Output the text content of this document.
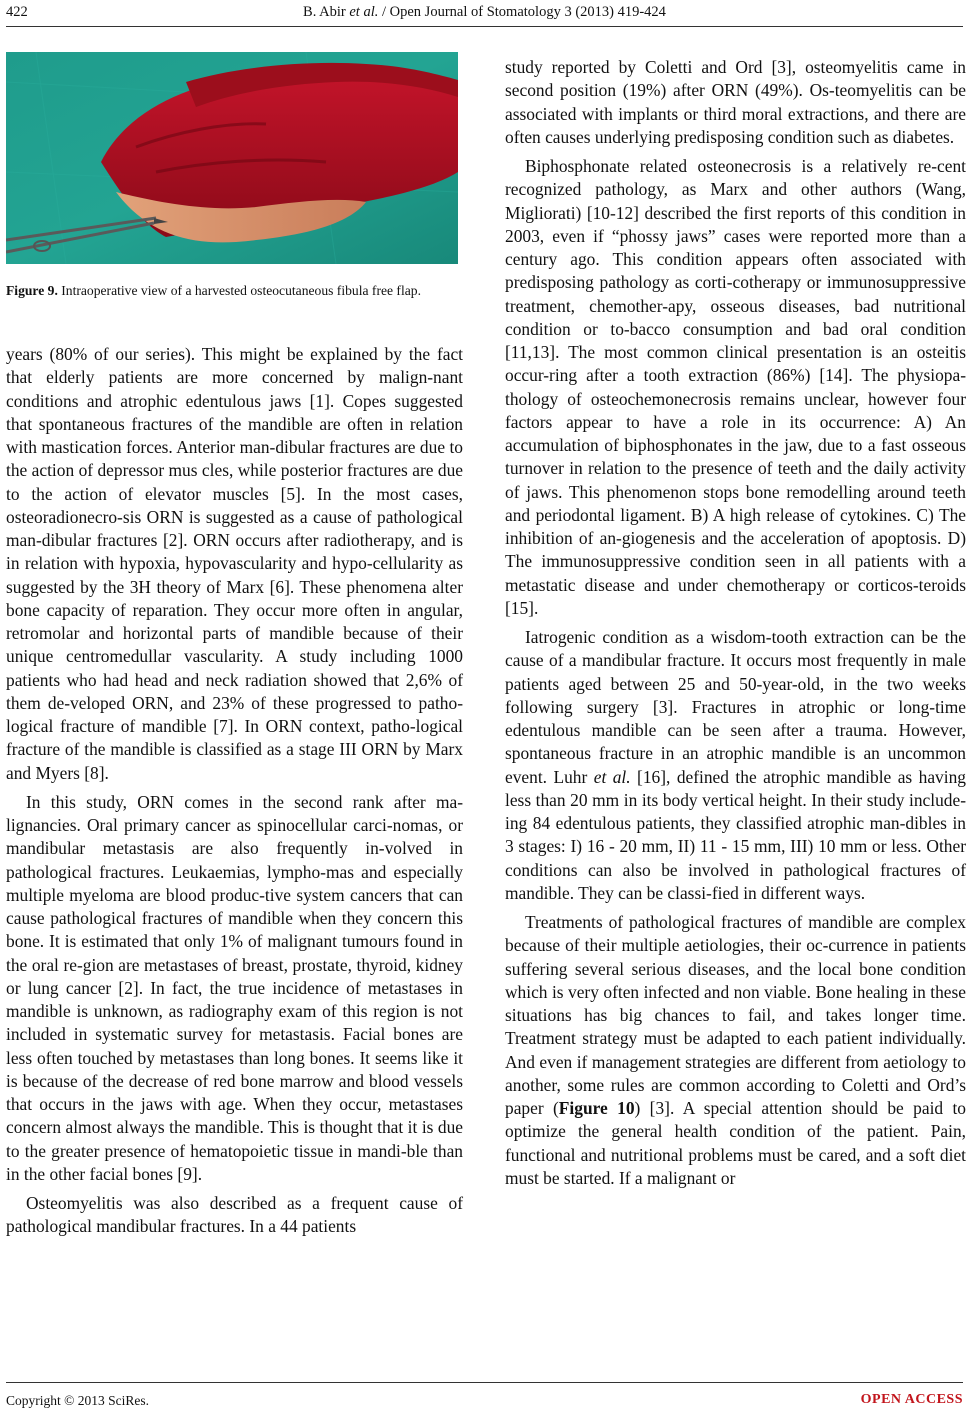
422	B. Abir et al. / Open Journal of Stomatology 3 (2013) 419-424
Figure 9. Intraoperative view of a harvested osteocutaneous fibula free flap.

years (80% of our series). This might be explained by the fact that elderly patients are more concerned by malign-nant conditions and atrophic edentulous jaws [1]. Copes suggested that spontaneous fractures of the mandible are often in relation with mastication forces. Anterior man-dibular fractures are due to the action of depressor mus cles, while posterior fractures are due to the action of elevator muscles [5]. In the most cases, osteoradionecro-sis ORN is suggested as a cause of pathological man-dibular fractures [2]. ORN occurs after radiotherapy, and is in relation with hypoxia, hypovascularity and hypo-cellularity as suggested by the 3H theory of Marx [6]. These phenomena alter bone capacity of reparation. They occur more often in angular, retromolar and horizontal parts of mandible because of their unique centromedullar vascularity. A study including 1000 patients who had head and neck radiation showed that 2,6% of them de-veloped ORN, and 23% of these progressed to patho-logical fracture of mandible [7]. In ORN context, patho-logical fracture of the mandible is classified as a stage III ORN by Marx and Myers [8].

In this study, ORN comes in the second rank after ma-lignancies. Oral primary cancer as spinocellular carci-nomas, or mandibular metastasis are also frequently in-volved in pathological fractures. Leukaemias, lympho-mas and especially multiple myeloma are blood produc-tive system cancers that can cause pathological fractures of mandible when they concern this bone. It is estimated that only 1% of malignant tumours found in the oral re-gion are metastases of breast, prostate, thyroid, kidney or lung cancer [2]. In fact, the true incidence of metastases in mandible is unknown, as radiography exam of this region is not included in systematic survey for metastasis. Facial bones are less often touched by metastases than long bones. It seems like it is because of the decrease of red bone marrow and blood vessels that occurs in the jaws with age. When they occur, metastases concern almost always the mandible. This is thought that it is due to the greater presence of hematopoietic tissue in mandi-ble than in the other facial bones [9].

Osteomyelitis was also described as a frequent cause of pathological mandibular fractures. In a 44 patients

study reported by Coletti and Ord [3], osteomyelitis came in second position (19%) after ORN (49%). Os-teomyelitis can be associated with implants or third moral extractions, and there are often causes underlying predisposing condition such as diabetes.

Biphosphonate related osteonecrosis is a relatively re-cent recognized pathology, as Marx and other authors (Wang, Migliorati) [10-12] described the first reports of this condition in 2003, even if “phossy jaws” cases were reported more than a century ago. This condition appears often associated with predisposing pathology as corti-cotherapy or immunosuppressive treatment, chemother-apy, osseous diseases, bad nutritional condition or to-bacco consumption and bad oral condition [11,13]. The most common clinical presentation is an osteitis occur-ring after a tooth extraction (86%) [14]. The physiopa-thology of osteochemonecrosis remains unclear, however four factors appear to have a role in its occurrence: A) An accumulation of biphosphonates in the jaw, due to a fast osseous turnover in relation to the presence of teeth and the daily activity of jaws. This phenomenon stops bone remodelling around teeth and periodontal ligament. B) A high release of cytokines. C) The inhibition of an-giogenesis and the acceleration of apoptosis. D) The immunosuppressive condition seen in all patients with a metastatic disease and under chemotherapy or corticos-teroids [15].

Iatrogenic condition as a wisdom-tooth extraction can be the cause of a mandibular fracture. It occurs most frequently in male patients aged between 25 and 50-year-old, in the two weeks following surgery [3]. Fractures in atrophic or long-time edentulous mandible can be seen after a trauma. However, spontaneous fracture in an atrophic mandible is an uncommon event. Luhr et al. [16], defined the atrophic mandible as having less than 20 mm in its body vertical height. In their study include-ing 84 edentulous patients, they classified atrophic man-dibles in 3 stages: I) 16 - 20 mm, II) 11 - 15 mm, III) 10 mm or less. Other conditions can also be involved in pathological fractures of mandible. They can be classi-fied in different ways.

Treatments of pathological fractures of mandible are complex because of their multiple aetiologies, their oc-currence in patients suffering several serious diseases, and the local bone condition which is very often infected and non viable. Bone healing in these situations has big chances to fail, and takes longer time. Treatment strategy must be adapted to each patient individually. And even if management strategies are different from aetiology to another, some rules are common according to Coletti and Ord’s paper (Figure 10) [3]. A special attention should be paid to optimize the general health condition of the patient. Pain, functional and nutritional problems must be cared, and a soft diet must be started. If a malignant or

Copyright © 2013 SciRes.	OPEN ACCESS
